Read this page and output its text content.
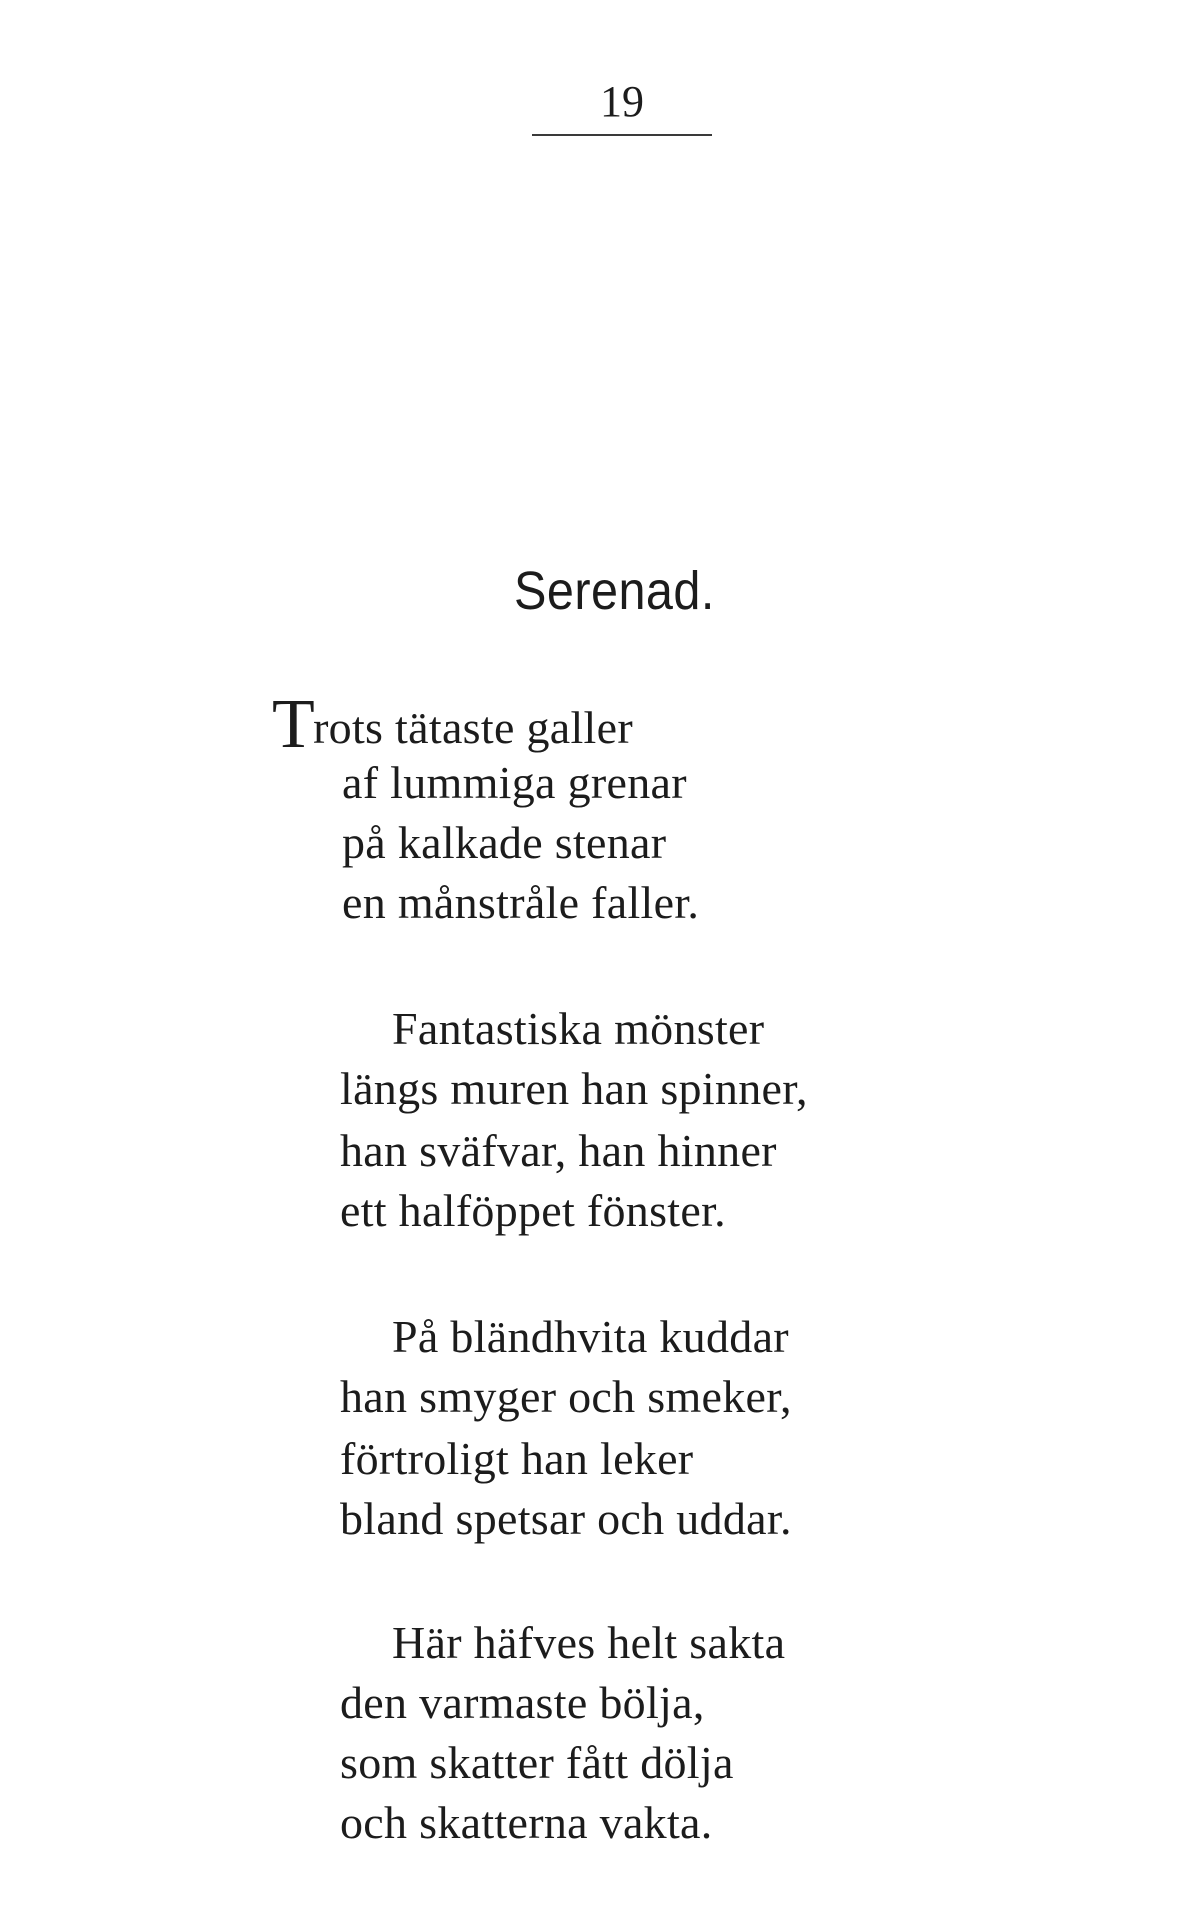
19
Serenad.
Trots tätaste galler
af lummiga grenar
på kalkade stenar
en månstråle faller.
Fantastiska mönster
längs muren han spinner,
han sväfvar, han hinner
ett halföppet fönster.
På bländhvita kuddar
han smyger och smeker,
förtroligt han leker
bland spetsar och uddar.
Här häfves helt sakta
den varmaste bölja,
som skatter fått dölja
och skatterna vakta.
